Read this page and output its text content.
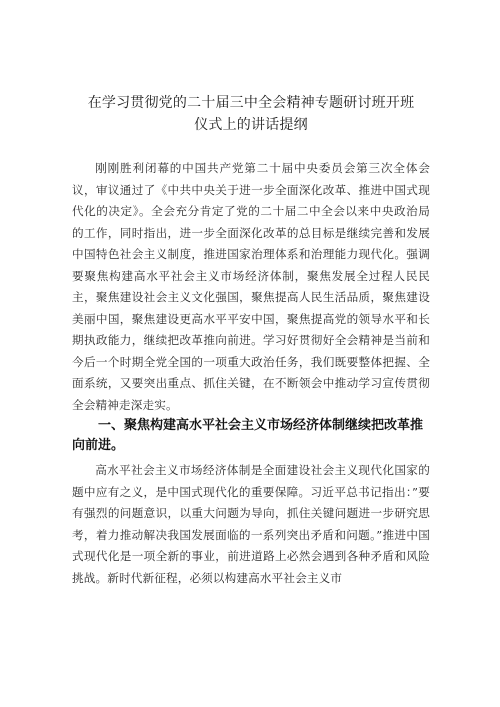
在学习贯彻党的二十届三中全会精神专题研讨班开班
仪式上的讲话提纲

刚刚胜利闭幕的中国共产党第二十届中央委员会第三次全体会议，审议通过了《中共中央关于进一步全面深化改革、推进中国式现代化的决定》。全会充分肯定了党的二十届二中全会以来中央政治局的工作，同时指出，进一步全面深化改革的总目标是继续完善和发展中国特色社会主义制度，推进国家治理体系和治理能力现代化。强调要聚焦构建高水平社会主义市场经济体制，聚焦发展全过程人民民主，聚焦建设社会主义文化强国，聚焦提高人民生活品质，聚焦建设美丽中国，聚焦建设更高水平平安中国，聚焦提高党的领导水平和长期执政能力，继续把改革推向前进。学习好贯彻好全会精神是当前和今后一个时期全党全国的一项重大政治任务，我们既要整体把握、全面系统，又要突出重点、抓住关键，在不断领会中推动学习宣传贯彻全会精神走深走实。

一、聚焦构建高水平社会主义市场经济体制继续把改革推向前进。

高水平社会主义市场经济体制是全面建设社会主义现代化国家的题中应有之义，是中国式现代化的重要保障。习近平总书记指出：”要有强烈的问题意识，以重大问题为导向，抓住关键问题进一步研究思考，着力推动解决我国发展面临的一系列突出矛盾和问题。”推进中国式现代化是一项全新的事业，前进道路上必然会遇到各种矛盾和风险挑战。新时代新征程，必须以构建高水平社会主义市
